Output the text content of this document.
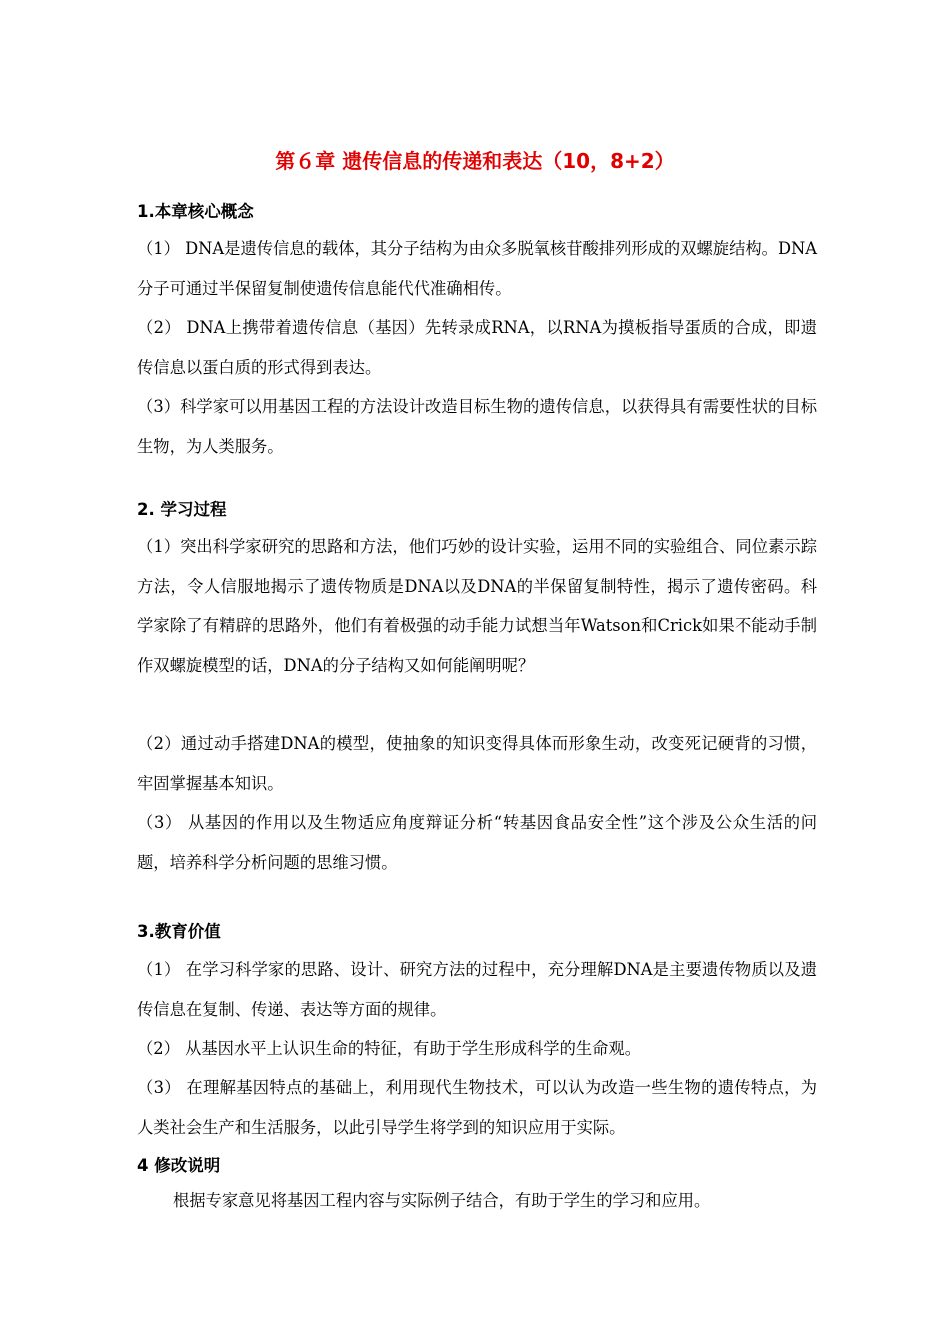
第６章 遗传信息的传递和表达（10，8+2）
1.本章核心概念
（1） DNA是遗传信息的载体，其分子结构为由众多脱氧核苷酸排列形成的双螺旋结构。DNA分子可通过半保留复制使遗传信息能代代准确相传。
（2） DNA上携带着遗传信息（基因）先转录成RNA，以RNA为摸板指导蛋质的合成，即遗传信息以蛋白质的形式得到表达。
（3）科学家可以用基因工程的方法设计改造目标生物的遗传信息，以获得具有需要性状的目标生物，为人类服务。
2. 学习过程
（1）突出科学家研究的思路和方法，他们巧妙的设计实验，运用不同的实验组合、同位素示踪方法，令人信服地揭示了遗传物质是DNA以及DNA的半保留复制特性，揭示了遗传密码。科学家除了有精辟的思路外，他们有着极强的动手能力试想当年Watson和Crick如果不能动手制作双螺旋模型的话，DNA的分子结构又如何能阐明呢？
（2）通过动手搭建DNA的模型，使抽象的知识变得具体而形象生动，改变死记硬背的习惯，牢固掌握基本知识。
（3） 从基因的作用以及生物适应角度辩证分析“转基因食品安全性”这个涉及公众生活的问题，培养科学分析问题的思维习惯。
3.教育价值
（1） 在学习科学家的思路、设计、研究方法的过程中，充分理解DNA是主要遗传物质以及遗传信息在复制、传递、表达等方面的规律。
（2） 从基因水平上认识生命的特征，有助于学生形成科学的生命观。
（3） 在理解基因特点的基础上，利用现代生物技术，可以认为改造一些生物的遗传特点，为人类社会生产和生活服务，以此引导学生将学到的知识应用于实际。
4 修改说明
根据专家意见将基因工程内容与实际例子结合，有助于学生的学习和应用。
